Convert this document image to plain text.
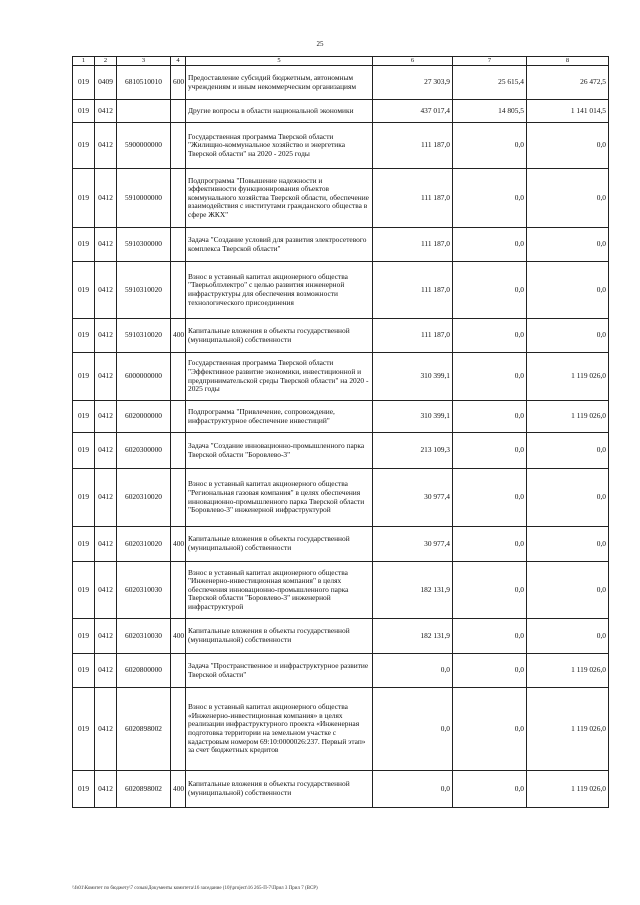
25
1	2	3	4	5	6	7	8
019	0409	6810510010	600	Предоставление субсидий бюджетным, автономным учреждениям и иным некоммерческим организациям	27 303,9	25 615,4	26 472,5
019	0412			Другие вопросы в области национальной экономики	437 017,4	14 805,5	1 141 014,5
019	0412	5900000000		Государственная программа Тверской области "Жилищно-коммунальное хозяйство и энергетика Тверской области" на 2020 - 2025 годы	111 187,0	0,0	0,0
019	0412	5910000000		Подпрограмма "Повышение надежности и эффективности функционирования объектов коммунального хозяйства Тверской области, обеспечение взаимодействия с институтами гражданского общества в сфере ЖКХ"	111 187,0	0,0	0,0
019	0412	5910300000		Задача "Создание условий для развития электросетевого комплекса Тверской области"	111 187,0	0,0	0,0
019	0412	5910310020		Взнос в уставный капитал акционерного общества "Тверьоблэлектро" с целью развития инженерной инфраструктуры для обеспечения возможности технологического присоединения	111 187,0	0,0	0,0
019	0412	5910310020	400	Капитальные вложения в объекты государственной (муниципальной) собственности	111 187,0	0,0	0,0
019	0412	6000000000		Государственная программа Тверской области "Эффективное развитие экономики, инвестиционной и предпринимательской среды Тверской области" на 2020 - 2025 годы	310 399,1	0,0	1 119 026,0
019	0412	6020000000		Подпрограмма "Привлечение, сопровождение, инфраструктурное обеспечение инвестиций"	310 399,1	0,0	1 119 026,0
019	0412	6020300000		Задача "Создание инновационно-промышленного парка Тверской области "Боровлево-3"	213 109,3	0,0	0,0
019	0412	6020310020		Взнос в уставный капитал акционерного общества "Региональная газовая компания" в целях обеспечения инновационно-промышленного парка Тверской области "Боровлево-3" инженерной инфраструктурой	30 977,4	0,0	0,0
019	0412	6020310020	400	Капитальные вложения в объекты государственной (муниципальной) собственности	30 977,4	0,0	0,0
019	0412	6020310030		Взнос в уставный капитал акционерного общества "Инженерно-инвестиционная компания" в целях обеспечения инновационно-промышленного парка Тверской области "Боровлево-3" инженерной инфраструктурой	182 131,9	0,0	0,0
019	0412	6020310030	400	Капитальные вложения в объекты государственной (муниципальной) собственности	182 131,9	0,0	0,0
019	0412	6020800000		Задача "Пространственное и инфраструктурное развитие Тверской области"	0,0	0,0	1 119 026,0
019	0412	6020898002		Взнос в уставный капитал акционерного общества «Инженерно-инвестиционная компания» в целях реализации инфраструктурного проекта «Инженерная подготовка территории на земельном участке с кадастровым номером 69:10:0000026:237. Первый этап» за счет бюджетных кредитов	0,0	0,0	1 119 026,0
019	0412	6020898002	400	Капитальные вложения в объекты государственной (муниципальной) собственности	0,0	0,0	1 119 026,0
\\fs01\Комитет по бюджету\7 созыв\Документы комитета\16 заседание (10)\project\16 265-П-7\Прил 3 Прил 7 (ВСР)
